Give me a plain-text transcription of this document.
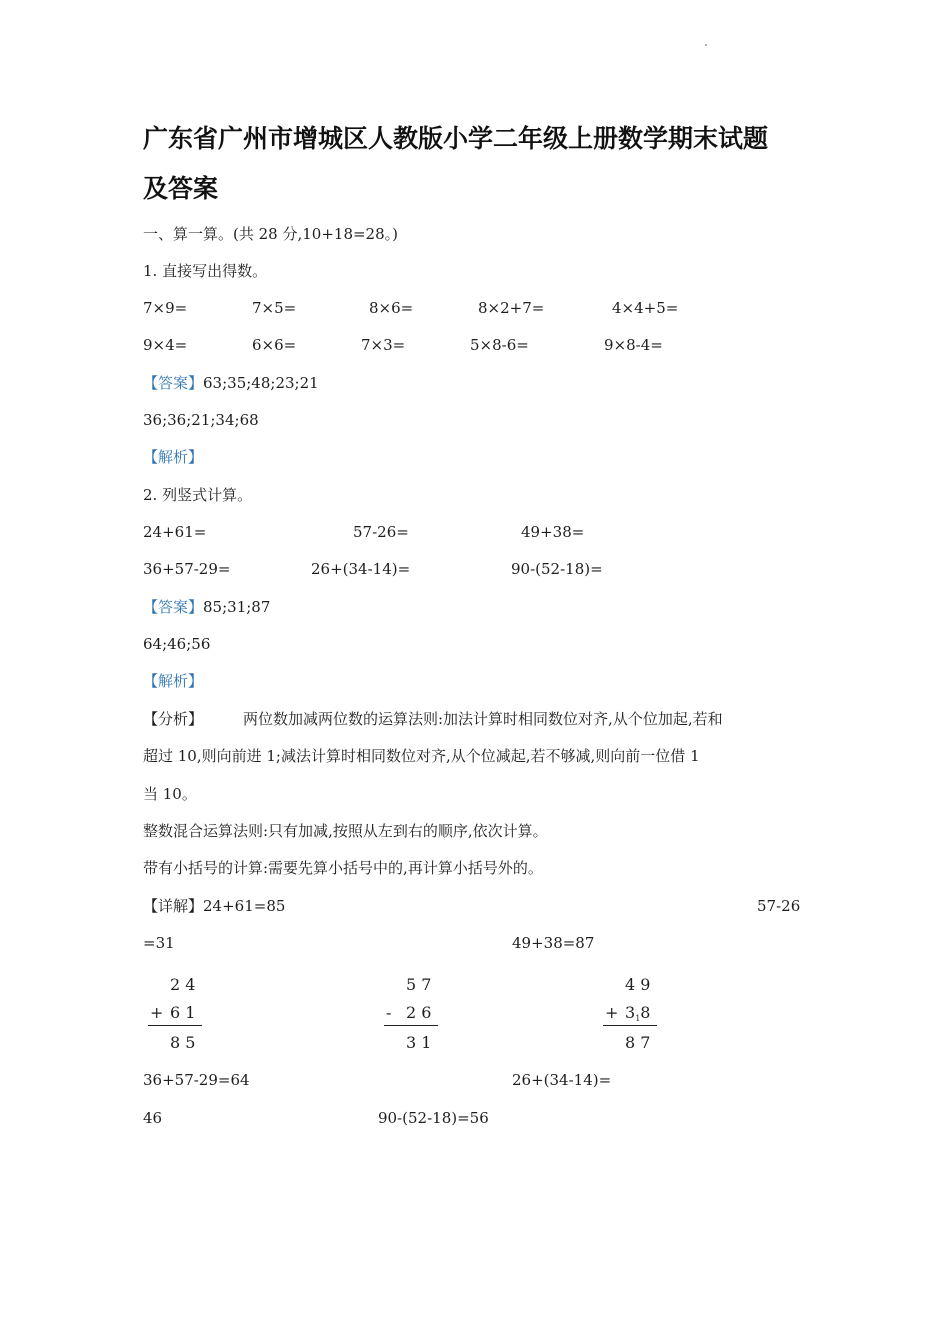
广东省广州市增城区人教版小学二年级上册数学期末试题
及答案
一、算一算。(共 28 分,10+18=28。)
1. 直接写出得数。
7×9=	7×5=	8×6=	8×2+7=	4×4+5=
9×4=	6×6=	7×3=	5×8-6=	9×8-4=
【答案】63;35;48;23;21
36;36;21;34;68
【解析】
2. 列竖式计算。
24+61=	57-26=	49+38=
36+57-29=	26+(34-14)=	90-(52-18)=
【答案】85;31;87
64;46;56
【解析】
【分析】	两位数加减两位数的运算法则:加法计算时相同数位对齐,从个位加起,若和
超过 10,则向前进 1;减法计算时相同数位对齐,从个位减起,若不够减,则向前一位借 1
当 10。
整数混合运算法则:只有加减,按照从左到右的顺序,依次计算。
带有小括号的计算:需要先算小括号中的,再计算小括号外的。
【详解】24+61=85	57-26
=31	49+38=87
2 4
+ 6 1
8 5
5 7
- 2 6
3 1
4 9
+ 318
8 7
36+57-29=64	26+(34-14)=
46	90-(52-18)=56
